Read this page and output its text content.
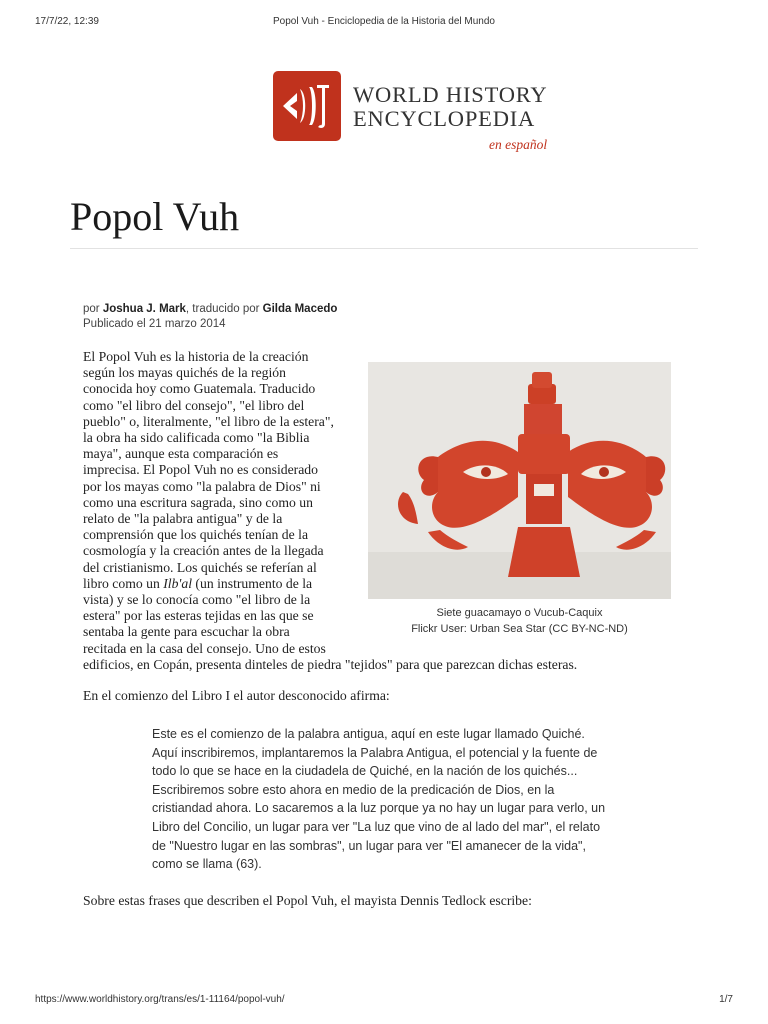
17/7/22, 12:39	Popol Vuh - Enciclopedia de la Historia del Mundo
WORLD HISTORY
ENCYCLOPEDIA
en español
Popol Vuh
por Joshua J. Mark, traducido por Gilda Macedo
Publicado el 21 marzo 2014
Siete guacamayo o Vucub-Caquix
Flickr User: Urban Sea Star (CC BY-NC-ND)
El Popol Vuh es la historia de la creación
según los mayas quichés de la región
conocida hoy como Guatemala. Traducido
como "el libro del consejo", "el libro del
pueblo" o, literalmente, "el libro de la estera",
la obra ha sido calificada como "la Biblia
maya", aunque esta comparación es
imprecisa. El Popol Vuh no es considerado
por los mayas como "la palabra de Dios" ni
como una escritura sagrada, sino como un
relato de "la palabra antigua" y de la
comprensión que los quichés tenían de la
cosmología y la creación antes de la llegada
del cristianismo. Los quichés se referían al
libro como un Ilb'al (un instrumento de la
vista) y se lo conocía como "el libro de la
estera" por las esteras tejidas en las que se
sentaba la gente para escuchar la obra
recitada en la casa del consejo. Uno de estos
edificios, en Copán, presenta dinteles de piedra "tejidos" para que parezcan dichas esteras.
En el comienzo del Libro I el autor desconocido afirma:
Este es el comienzo de la palabra antigua, aquí en este lugar llamado Quiché.
Aquí inscribiremos, implantaremos la Palabra Antigua, el potencial y la fuente de
todo lo que se hace en la ciudadela de Quiché, en la nación de los quichés...
Escribiremos sobre esto ahora en medio de la predicación de Dios, en la
cristiandad ahora. Lo sacaremos a la luz porque ya no hay un lugar para verlo, un
Libro del Concilio, un lugar para ver "La luz que vino de al lado del mar", el relato
de "Nuestro lugar en las sombras", un lugar para ver "El amanecer de la vida",
como se llama (63).
Sobre estas frases que describen el Popol Vuh, el mayista Dennis Tedlock escribe:
https://www.worldhistory.org/trans/es/1-11164/popol-vuh/	1/7
